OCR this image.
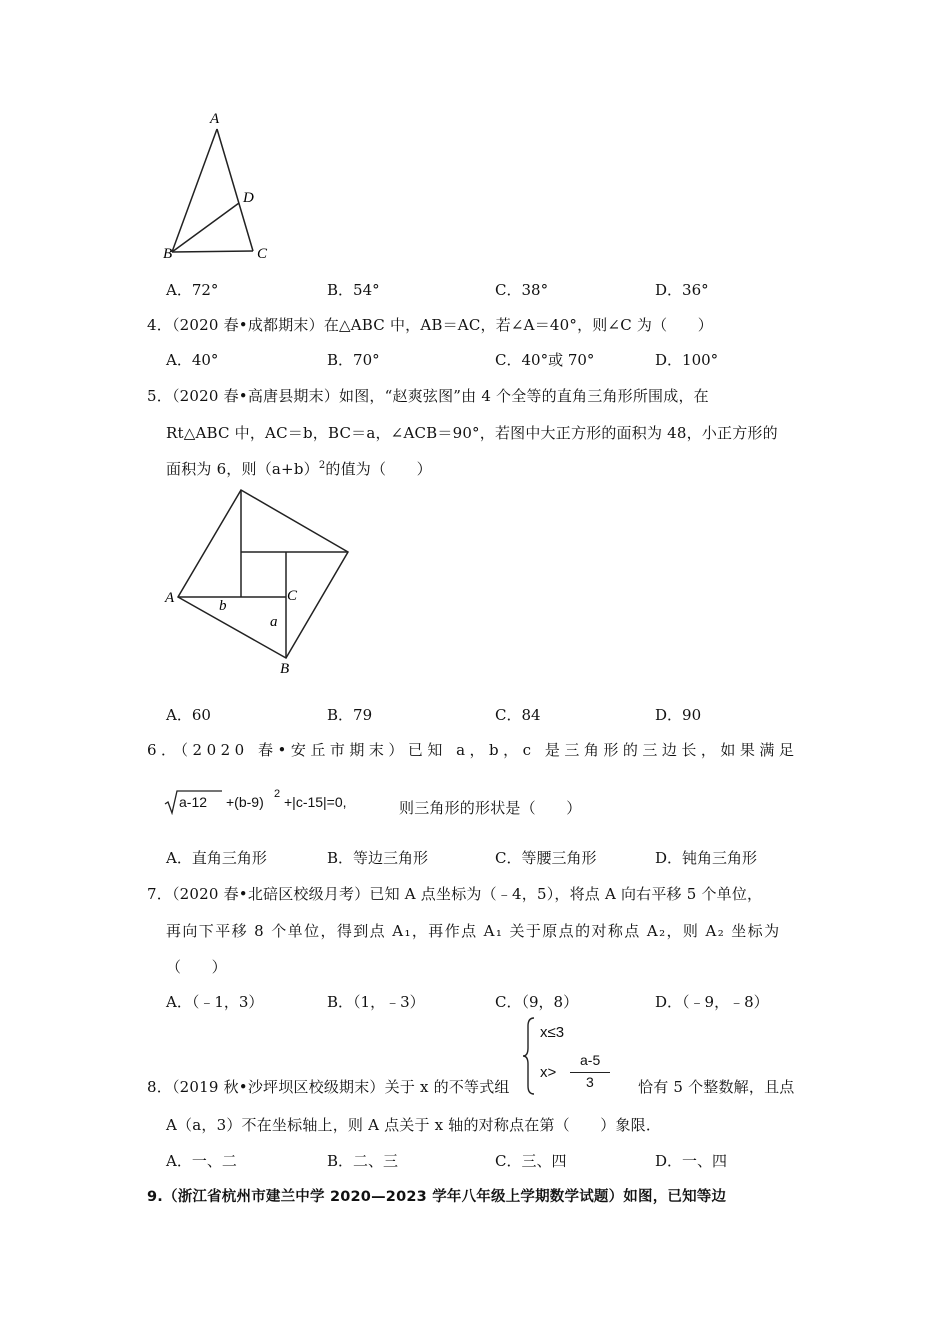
A
B	C
D
A．72°	B．54°	C．38°	D．36°
4．（2020 春•成都期末）在△ABC 中，AB＝AC，若∠A＝40°，则∠C 为（　　）
A．40°	B．70°	C．40°或 70°	D．100°
5．（2020 春•高唐县期末）如图，“赵爽弦图”由 4 个全等的直角三角形所围成，在
Rt△ABC 中，AC＝b，BC＝a，∠ACB＝90°，若图中大正方形的面积为 48，小正方形的
面积为 6，则$(a+b)^2$的值为（　　）
A	b
C
a
B
A．60	B．79	C．84	D．90
6．（2020 春•安丘市期末）已知 a，b，c 是三角形的三边长，如果满足
a-12 +(b-9) 2 +|c-15|=0,	则三角形的形状是（　　）
A．直角三角形	B．等边三角形	C．等腰三角形	D．钝角三角形
7．（2020 春•北碚区校级月考）已知 A 点坐标为（﹣4，5），将点 A 向右平移 5 个单位，
再向下平移 8 个单位，得到点 A₁，再作点 A₁ 关于原点的对称点 A₂，则 A₂ 坐标为
（　　）
A．（﹣1，3）	B．（1，﹣3）	C．（9，8）	D．（﹣9，﹣8）
8．（2019 秋•沙坪坝区校级期末）关于 x 的不等式组
x≤3
x>
a-5
3	恰有 5 个整数解，且点
A（a，3）不在坐标轴上，则 A 点关于 x 轴的对称点在第（　　）象限．
A．一、二	B．二、三	C．三、四	D．一、四
9.（浙江省杭州市建兰中学 2020—2023 学年八年级上学期数学试题）如图，已知等边
